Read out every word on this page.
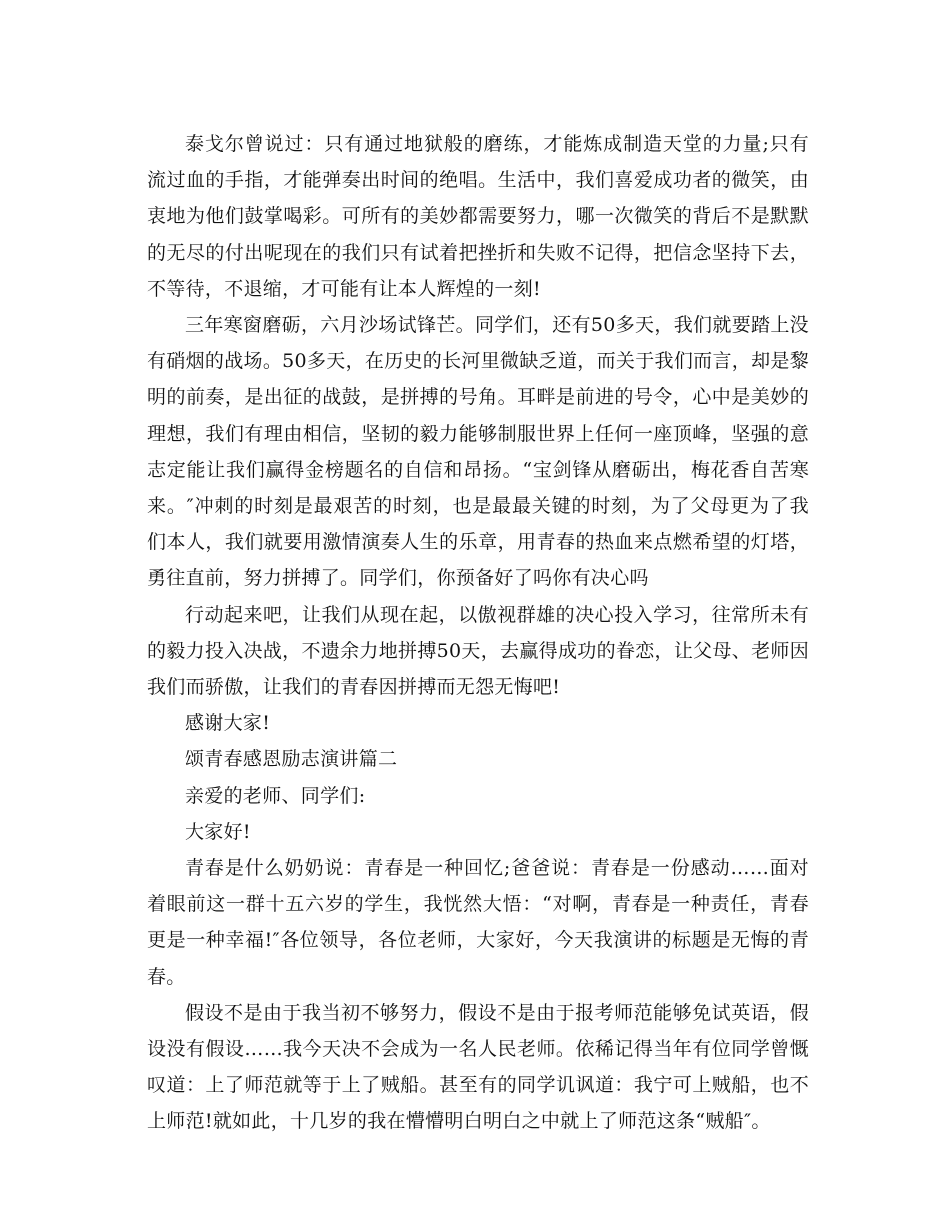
泰戈尔曾说过：只有通过地狱般的磨练，才能炼成制造天堂的力量;只有流过血的手指，才能弹奏出时间的绝唱。生活中，我们喜爱成功者的微笑，由衷地为他们鼓掌喝彩。可所有的美妙都需要努力，哪一次微笑的背后不是默默的无尽的付出呢现在的我们只有试着把挫折和失败不记得，把信念坚持下去，不等待，不退缩，才可能有让本人辉煌的一刻!

三年寒窗磨砺，六月沙场试锋芒。同学们，还有50多天，我们就要踏上没有硝烟的战场。50多天，在历史的长河里微缺乏道，而关于我们而言，却是黎明的前奏，是出征的战鼓，是拼搏的号角。耳畔是前进的号令，心中是美妙的理想，我们有理由相信，坚韧的毅力能够制服世界上任何一座顶峰，坚强的意志定能让我们赢得金榜题名的自信和昂扬。“宝剑锋从磨砺出，梅花香自苦寒来。″冲刺的时刻是最艰苦的时刻，也是最最关键的时刻，为了父母更为了我们本人，我们就要用激情演奏人生的乐章，用青春的热血来点燃希望的灯塔，勇往直前，努力拼搏了。同学们，你预备好了吗你有决心吗

行动起来吧，让我们从现在起，以傲视群雄的决心投入学习，往常所未有的毅力投入决战，不遗余力地拼搏50天，去赢得成功的眷恋，让父母、老师因我们而骄傲，让我们的青春因拼搏而无怨无悔吧!

感谢大家!

颂青春感恩励志演讲篇二

亲爱的老师、同学们:

大家好!

青春是什么奶奶说：青春是一种回忆;爸爸说：青春是一份感动……面对着眼前这一群十五六岁的学生，我恍然大悟：“对啊，青春是一种责任，青春更是一种幸福!″各位领导，各位老师，大家好，今天我演讲的标题是无悔的青春。

假设不是由于我当初不够努力，假设不是由于报考师范能够免试英语，假设没有假设……我今天决不会成为一名人民老师。依稀记得当年有位同学曾慨叹道：上了师范就等于上了贼船。甚至有的同学讥讽道：我宁可上贼船，也不上师范!就如此，十几岁的我在懵懵明白明白之中就上了师范这条“贼船″。
